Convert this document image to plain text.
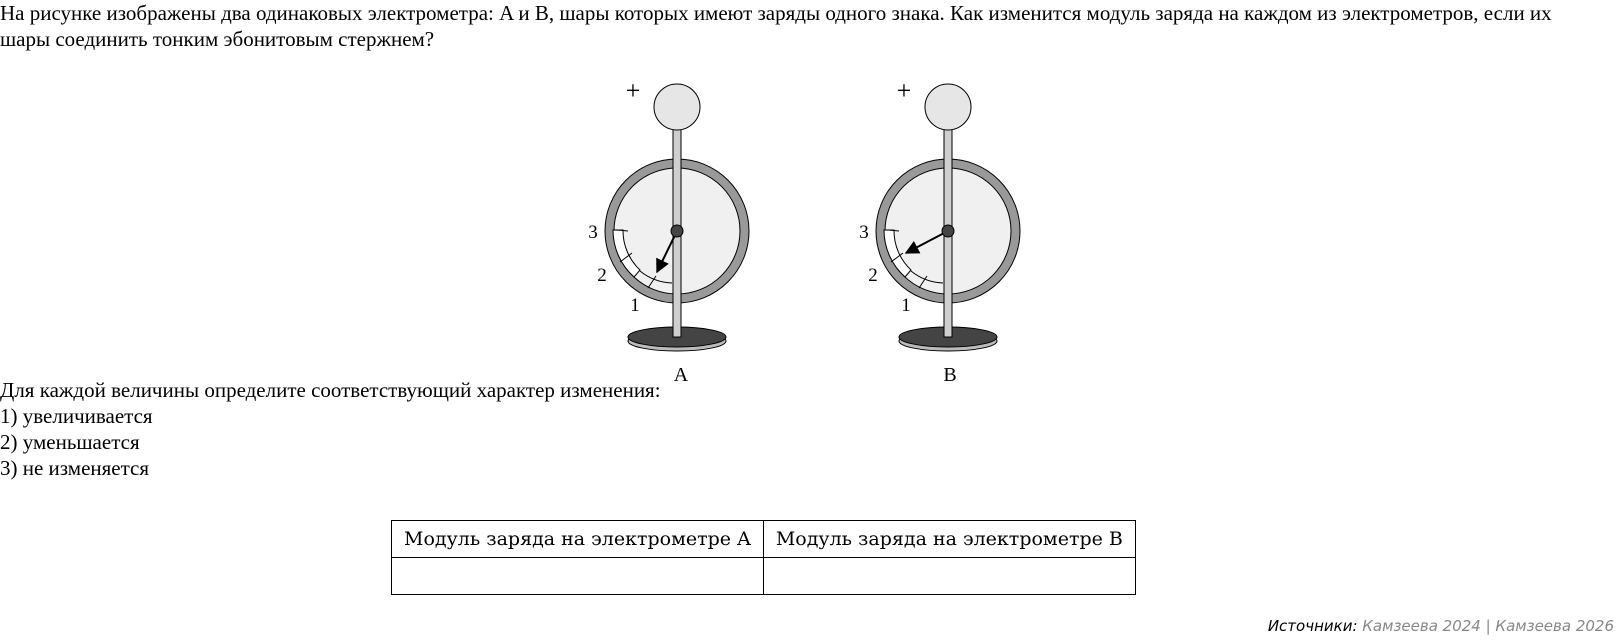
На рисунке изображены два одинаковых электрометра: A и B, шары которых имеют заряды одного знака. Как изменится модуль заряда на каждом из электрометров, если их шары соединить тонким эбонитовым стержнем?

+
3
2
1
A
+
3
2
1
B
Для каждой величины определите соответствующий характер изменения:
1) увеличивается
2) уменьшается
3) не изменяется
Модуль заряда на электрометре A	Модуль заряда на электрометре B

Источники: Камзеева 2024 | Камзеева 2026
